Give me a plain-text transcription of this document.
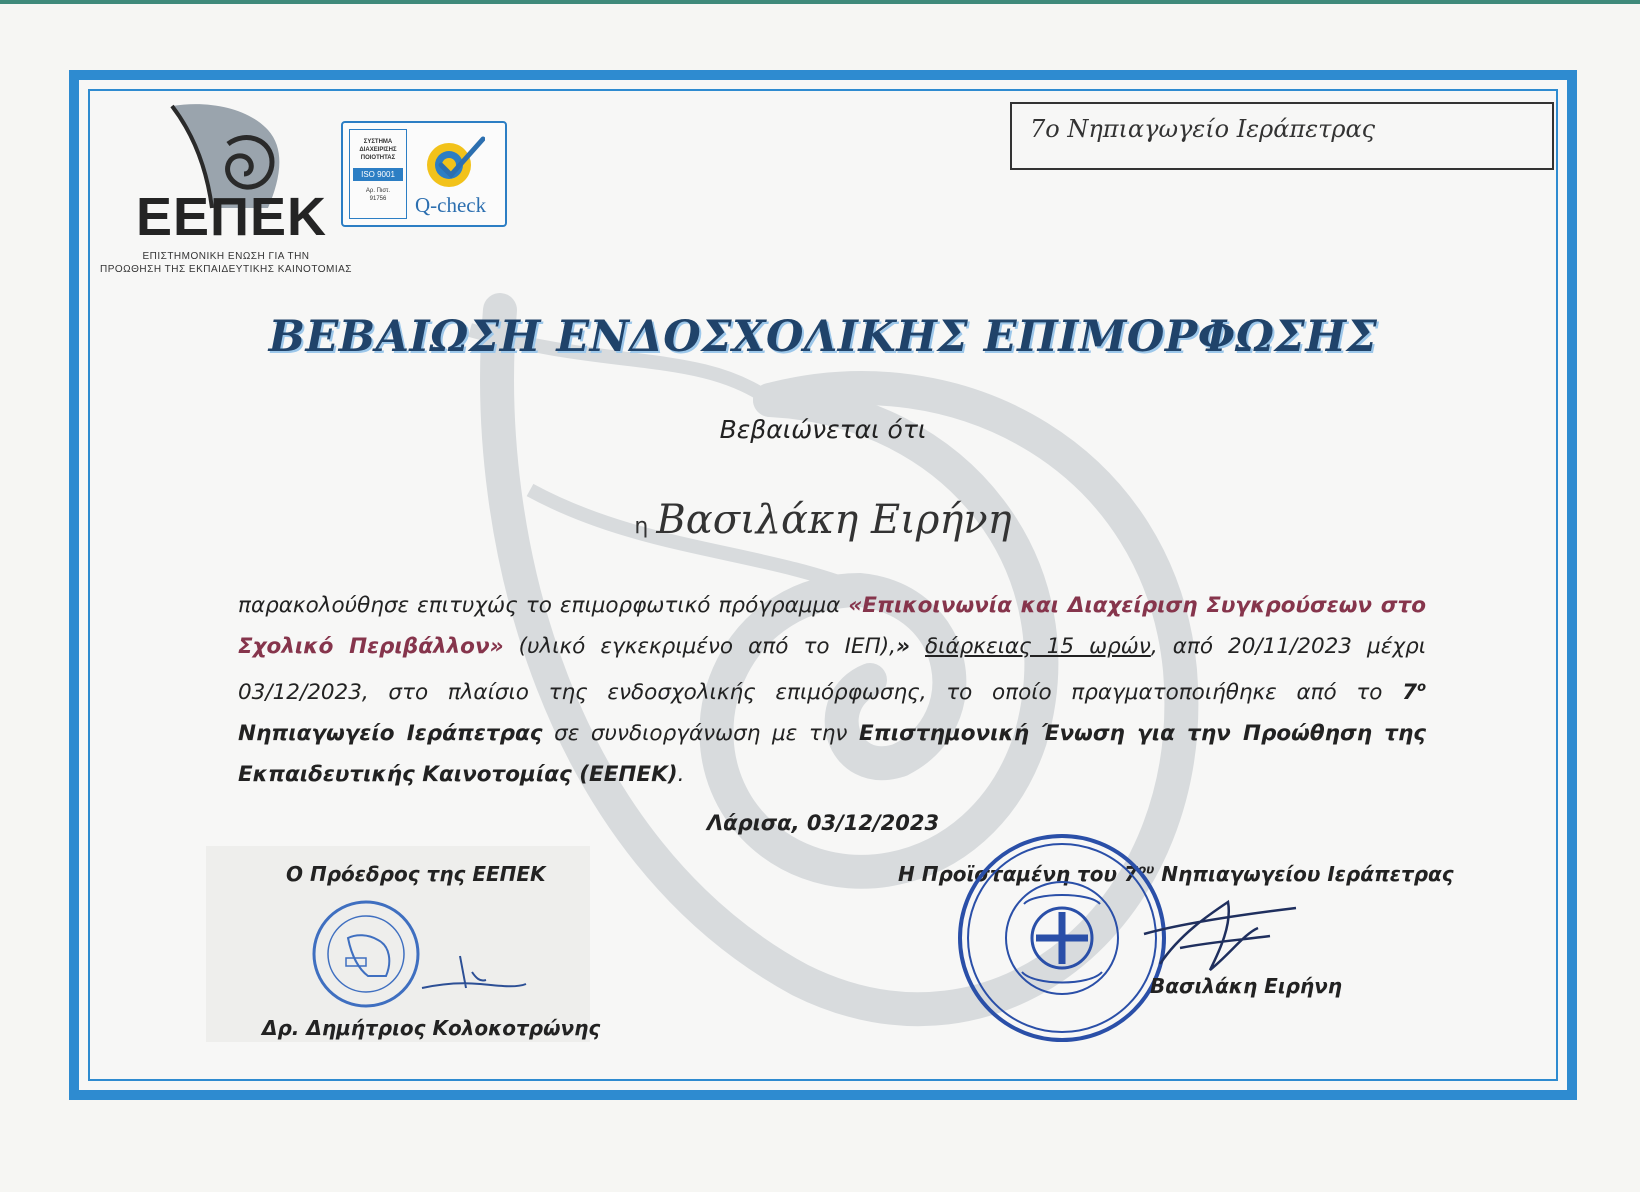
ΕΕΠΕΚ
ΕΠΙΣΤΗΜΟΝΙΚΗ ΕΝΩΣΗ ΓΙΑ ΤΗΝ
ΠΡΟΩΘΗΣΗ ΤΗΣ ΕΚΠΑΙΔΕΥΤΙΚΗΣ ΚΑΙΝΟΤΟΜΙΑΣ
ΣΥΣΤΗΜΑ
ΔΙΑΧΕΙΡΙΣΗΣ
ΠΟΙΟΤΗΤΑΣ
ISO 9001
Αρ. Πιστ.
91756	Q-check
7ο Νηπιαγωγείο Ιεράπετρας
ΒΕΒΑΙΩΣΗ ΕΝΔΟΣΧΟΛΙΚΗΣ ΕΠΙΜΟΡΦΩΣΗΣ
Βεβαιώνεται ότι
η Βασιλάκη Ειρήνη
παρακολούθησε επιτυχώς το επιμορφωτικό πρόγραμμα «Επικοινωνία και Διαχείριση Συγκρούσεων στο Σχολικό Περιβάλλον» (υλικό εγκεκριμένο από το ΙΕΠ),» διάρκειας 15 ωρών, από 20/11/2023 μέχρι 03/12/2023, στο πλαίσιο της ενδοσχολικής επιμόρφωσης, το οποίο πραγματοποιήθηκε από το $7^o$ Νηπιαγωγείο Ιεράπετρας σε συνδιοργάνωση με την Επιστημονική Ένωση για την Προώθηση της Εκπαιδευτικής Καινοτομίας (ΕΕΠΕΚ).
Λάρισα, 03/12/2023
Ο Πρόεδρος της ΕΕΠΕΚ
Δρ. Δημήτριος Κολοκοτρώνης
Η Προϊσταμένη του $7^{o\upsilon}$ Νηπιαγωγείου Ιεράπετρας
Βασιλάκη Ειρήνη
